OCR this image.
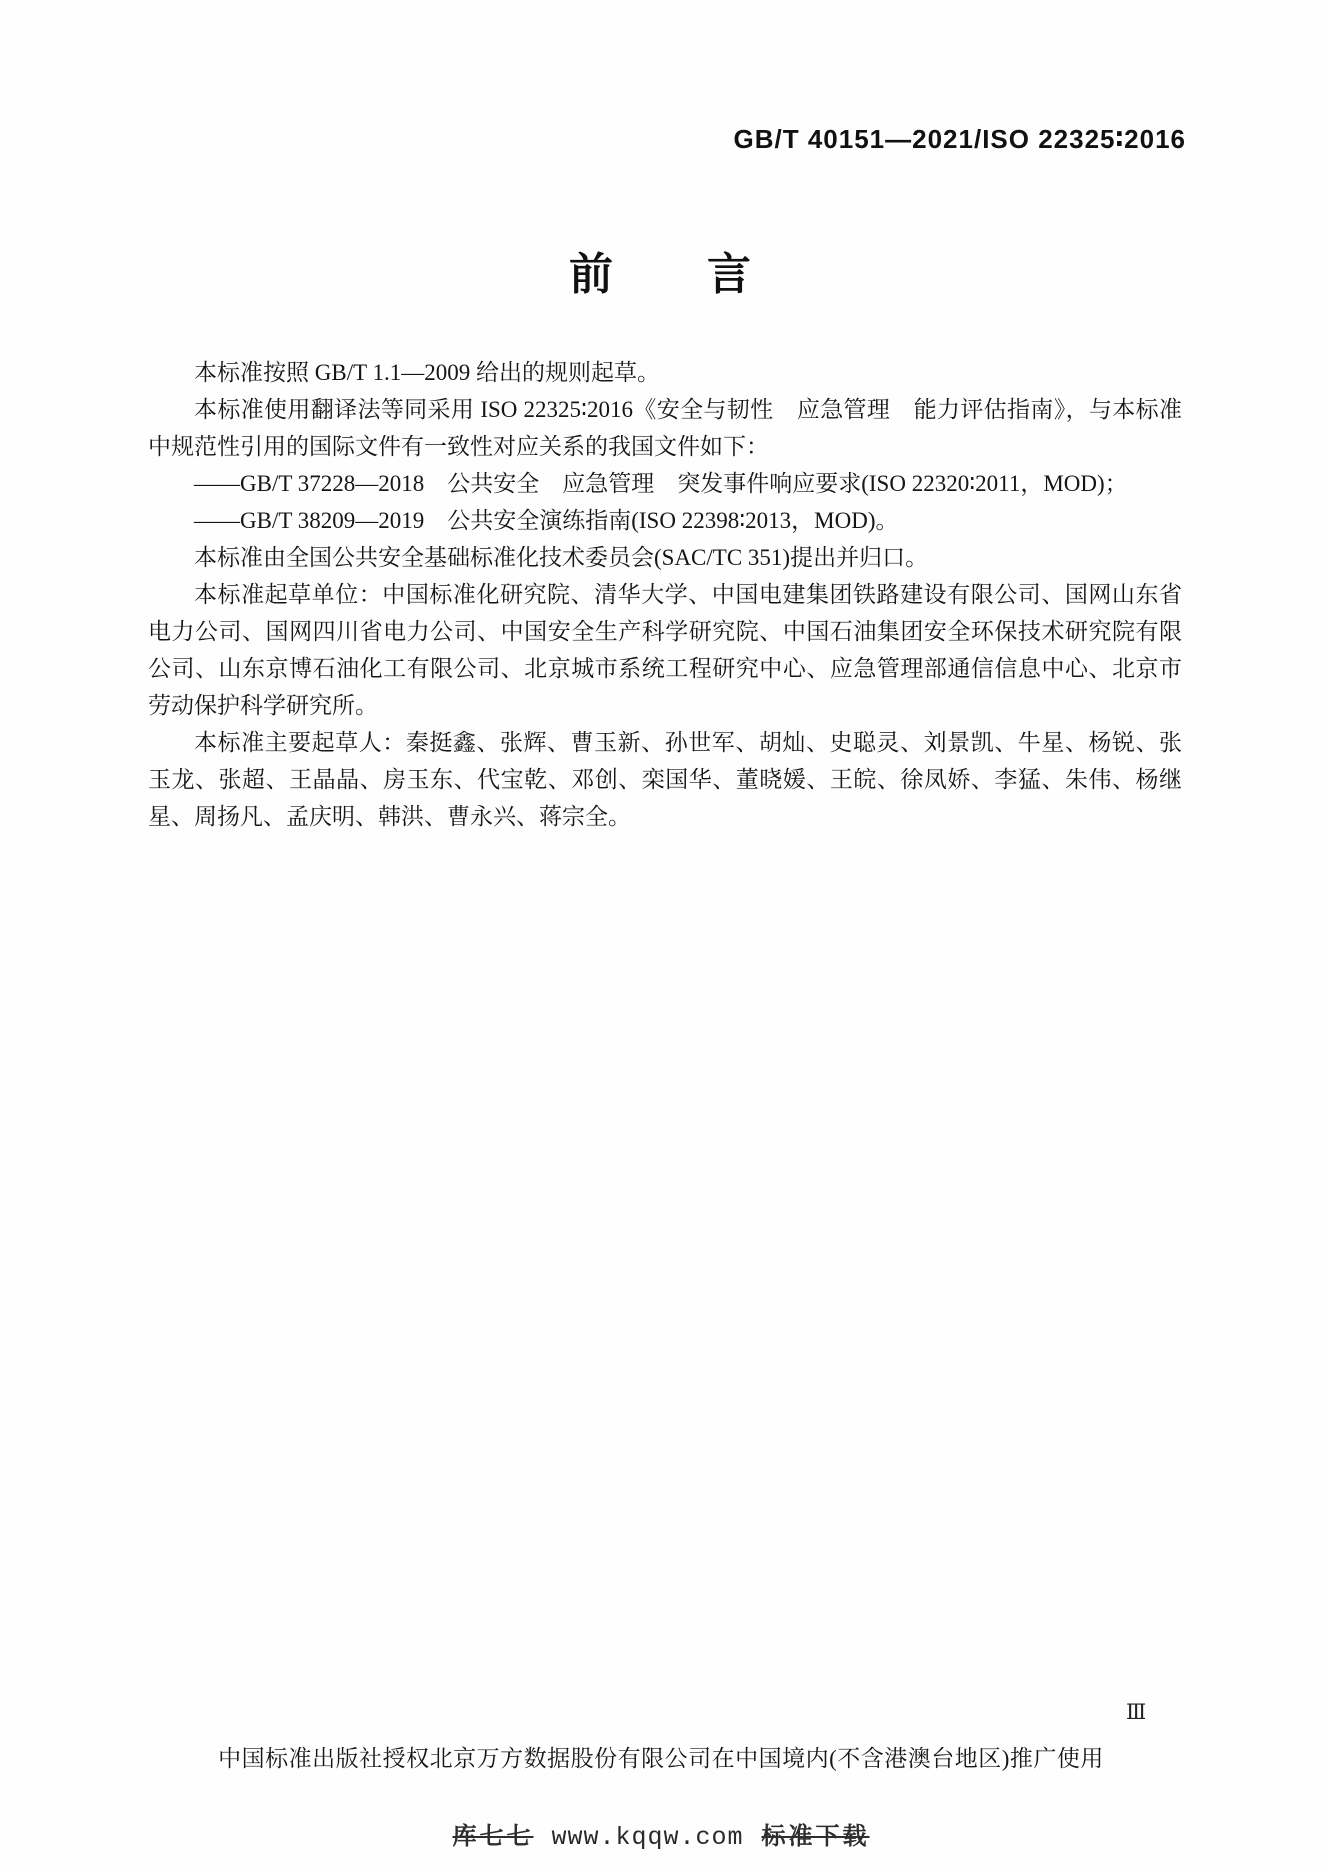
GB/T 40151—2021/ISO 22325∶2016
前　　言

本标准按照 GB/T 1.1—2009 给出的规则起草。

本标准使用翻译法等同采用 ISO 22325∶2016《安全与韧性　应急管理　能力评估指南》，与本标准中规范性引用的国际文件有一致性对应关系的我国文件如下：

——GB/T 37228—2018　公共安全　应急管理　突发事件响应要求(ISO 22320∶2011，MOD)；

——GB/T 38209—2019　公共安全演练指南(ISO 22398∶2013，MOD)。

本标准由全国公共安全基础标准化技术委员会(SAC/TC 351)提出并归口。

本标准起草单位：中国标准化研究院、清华大学、中国电建集团铁路建设有限公司、国网山东省电力公司、国网四川省电力公司、中国安全生产科学研究院、中国石油集团安全环保技术研究院有限公司、山东京博石油化工有限公司、北京城市系统工程研究中心、应急管理部通信信息中心、北京市劳动保护科学研究所。

本标准主要起草人：秦挺鑫、张辉、曹玉新、孙世军、胡灿、史聪灵、刘景凯、牛星、杨锐、张玉龙、张超、王晶晶、房玉东、代宝乾、邓创、栾国华、董晓媛、王皖、徐凤娇、李猛、朱伟、杨继星、周扬凡、孟庆明、韩洪、曹永兴、蒋宗全。

Ⅲ
中国标准出版社授权北京万方数据股份有限公司在中国境内(不含港澳台地区)推广使用
库七七 www.kqqw.com 标准下载
